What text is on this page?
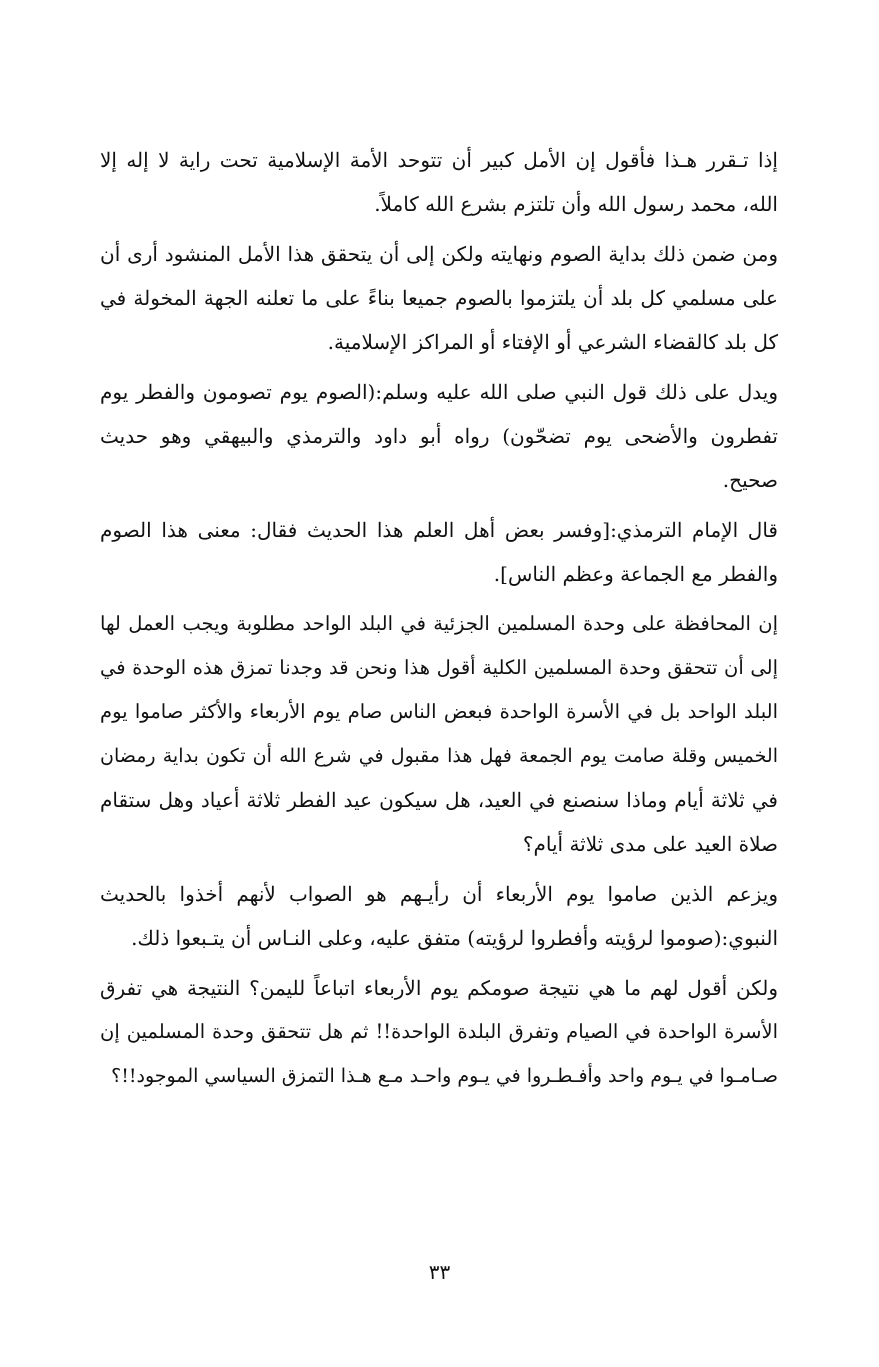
إذا تـقرر هـذا فأقول إن الأمل كبير أن تتوحد الأمة الإسلامية تحت راية لا إله إلا
الله، محمد رسول الله وأن تلتزم بشرع الله كاملاً.
ومن ضمن ذلك بداية الصوم ونهايته ولكن إلى أن يتحقق هذا الأمل المنشود أرى أن
على مسلمي كل بلد أن يلتزموا بالصوم جميعا بناءً على ما تعلنه الجهة المخولة في
كل بلد كالقضاء الشرعي أو الإفتاء أو المراكز الإسلامية.
ويدل على ذلك قول النبي صلى الله عليه وسلم:(الصوم يوم تصومون والفطر يوم
تفطرون والأضحى يوم تضحّون) رواه أبو داود والترمذي والبيهقي وهو حديث
صحيح.
قال الإمام الترمذي:[وفسر بعض أهل العلم هذا الحديث فقال: معنى هذا الصوم
والفطر مع الجماعة وعظم الناس].
إن المحافظة على وحدة المسلمين الجزئية في البلد الواحد مطلوبة ويجب العمل لها
إلى أن تتحقق وحدة المسلمين الكلية أقول هذا ونحن قد وجدنا تمزق هذه الوحدة في
البلد الواحد بل في الأسرة الواحدة فبعض الناس صام يوم الأربعاء والأكثر صاموا يوم
الخميس وقلة صامت يوم الجمعة فهل هذا مقبول في شرع الله أن تكون بداية رمضان
في ثلاثة أيام وماذا سنصنع في العيد، هل سيكون عيد الفطر ثلاثة أعياد وهل ستقام
صلاة العيد على مدى ثلاثة أيام؟
ويزعم الذين صاموا يوم الأربعاء أن رأيـهم هو الصواب لأنهم أخذوا بالحديث
النبوي:(صوموا لرؤيته وأفطروا لرؤيته) متفق عليه، وعلى النـاس أن يتـبعوا ذلك.
ولكن أقول لهم ما هي نتيجة صومكم يوم الأربعاء اتباعاً لليمن؟ النتيجة هي تفرق
الأسرة الواحدة في الصيام وتفرق البلدة الواحدة!! ثم هل تتحقق وحدة المسلمين إن
صـامـوا في يـوم واحد وأفـطـروا في يـوم واحـد مـع هـذا التمزق السياسي الموجود!!؟
٣٣
